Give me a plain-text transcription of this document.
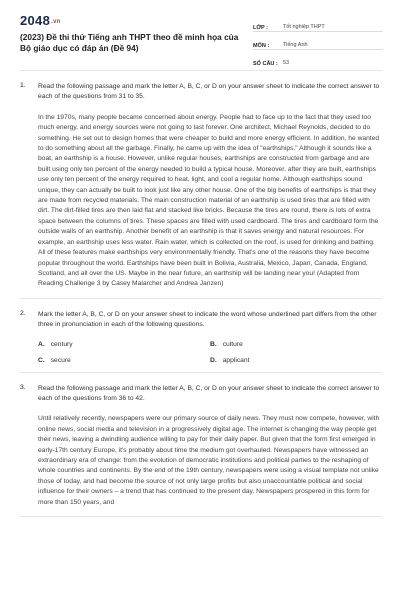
2048.vn
(2023) Đề thi thử Tiếng anh THPT theo đề minh họa của Bộ giáo dục có đáp án (Đề 94)
LỚP :	Tốt nghiệp THPT
MÔN :	Tiếng Anh
SỐ CÂU : 53
1. Read the following passage and mark the letter A, B, C, or D on your answer sheet to indicate the correct answer to each of the questions from 31 to 35.
In the 1970s, many people became concerned about energy. People had to face up to the fact that they used too much energy, and energy sources were not going to last forever. One architect, Michael Reynolds, decided to do something. He set out to design homes that were cheaper to build and more energy efficient. In addition, he wanted to do something about all the garbage. Finally, he came up with the idea of "earthships." Although it sounds like a boat, an earthship is a house. However, unlike regular houses, earthships are constructed from garbage and are built using only ten percent of the energy needed to build a typical house. Moreover, after they are built, earthships use only ten percent of the energy required to heat, light, and cool a regular home. Although earthships sound unique, they can actually be built to look just like any other house. One of the big benefits of earthships is that they are made from recycled materials. The main construction material of an earthship is used tires that are filled with dirt. The dirt-filled tires are then laid flat and stacked like bricks. Because the tires are round, there is lots of extra space between the columns of tires. These spaces are filled with used cardboard. The tires and cardboard form the outside walls of an earthship. Another benefit of an earthship is that it saves energy and natural resources. For example, an earthship uses less water. Rain water, which is collected on the roof, is used for drinking and bathing. All of these features make earthships very environmentally friendly. That's one of the reasons they have become popular throughout the world. Earthships have been built in Bolivia, Australia, Mexico, Japan, Canada, England, Scotland, and all over the US. Maybe in the near future, an earthship will be landing near you! (Adapted from Reading Challenge 3 by Casey Malarcher and Andrea Janzen)
2. Mark the letter A, B, C, or D on your answer sheet to indicate the word whose underlined part differs from the other three in pronunciation in each of the following questions.
A. century	B. culture
C. secure	D. applicant
3. Read the following passage and mark the letter A, B, C, or D on your answer sheet to indicate the correct answer to each of the questions from 36 to 42.
Until relatively recently, newspapers were our primary source of daily news. They must now compete, however, with online news, social media and television in a progressively digital age. The internet is changing the way people get their news, leaving a dwindling audience willing to pay for their daily paper. But given that the form first emerged in early-17th century Europe, it's probably about time the medium got overhauled. Newspapers have witnessed an extraordinary era of change: from the evolution of democratic institutions and political parties to the reshaping of whole countries and continents. By the end of the 19th century, newspapers were using a visual template not unlike those of today, and had become the source of not only large profits but also unaccountable political and social influence for their owners – a trend that has continued to the present day. Newspapers prospered in this form for more than 150 years, and
